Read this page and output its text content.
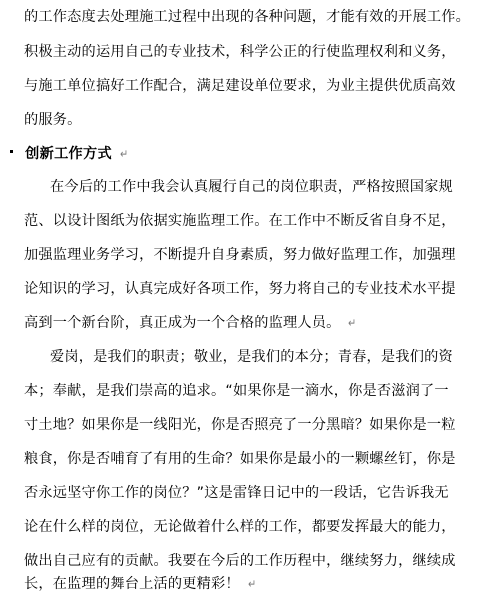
的工作态度去处理施工过程中出现的各种问题，才能有效的开展工作。
积极主动的运用自己的专业技术，科学公正的行使监理权利和义务，
与施工单位搞好工作配合，满足建设单位要求，为业主提供优质高效
的服务。
创新工作方式 ↵
在今后的工作中我会认真履行自己的岗位职责，严格按照国家规
范、以设计图纸为依据实施监理工作。在工作中不断反省自身不足，
加强监理业务学习，不断提升自身素质，努力做好监理工作，加强理
论知识的学习，认真完成好各项工作，努力将自己的专业技术水平提
高到一个新台阶，真正成为一个合格的监理人员。 ↵
爱岗，是我们的职责；敬业，是我们的本分；青春，是我们的资
本；奉献，是我们崇高的追求。“如果你是一滴水，你是否滋润了一
寸土地？如果你是一线阳光，你是否照亮了一分黑暗？如果你是一粒
粮食，你是否哺育了有用的生命？如果你是最小的一颗螺丝钉，你是
否永远坚守你工作的岗位？”这是雷锋日记中的一段话，它告诉我无
论在什么样的岗位，无论做着什么样的工作，都要发挥最大的能力，
做出自己应有的贡献。我要在今后的工作历程中，继续努力，继续成
长，在监理的舞台上活的更精彩！ ↵
